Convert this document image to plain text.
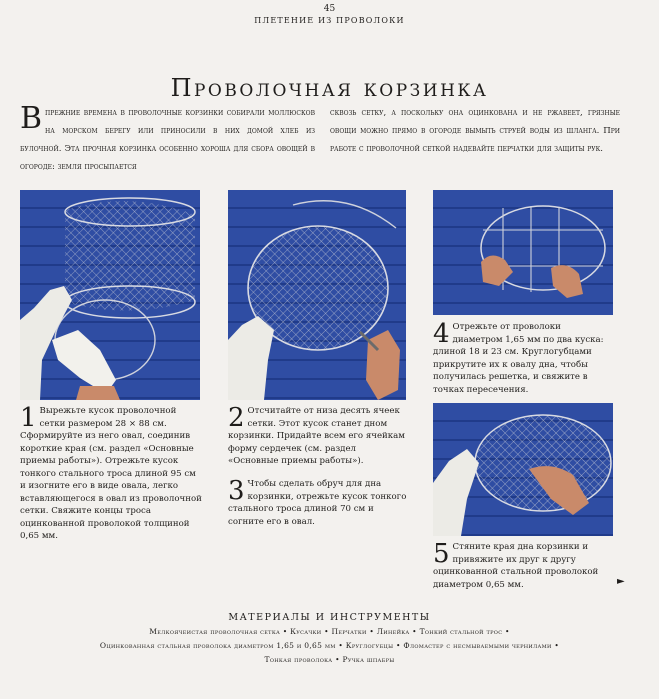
45
ПЛЕТЕНИЕ ИЗ ПРОВОЛОКИ
Проволочная корзинка

Впрежние времена в проволочные корзинки собирали моллюсков на морском берегу или приносили в них домой хлеб из булочной. Эта прочная корзинка особенно хороша для сбора овощей в огороде: земля просыпается

сквозь сетку, а поскольку она оцинкована и не ржавеет, грязные овощи можно прямо в огороде вымыть струей воды из шланга. При работе с проволочной сеткой надевайте перчатки для защиты рук.

1 Вырежьте кусок проволочной сетки размером 28 × 88 см. Сформируйте из него овал, соединив короткие края (см. раздел «Основные приемы работы»). Отрежьте кусок тонкого стального троса длиной 95 см и изогните его в виде овала, легко вставляющегося в овал из проволочной сетки. Свяжите концы троса оцинкованной проволокой толщиной 0,65 мм.
2 Отсчитайте от низа десять ячеек сетки. Этот кусок станет дном корзинки. Придайте всем его ячейкам форму сердечек (см. раздел «Основные приемы работы»).
3 Чтобы сделать обруч для дна корзинки, отрежьте кусок тонкого стального троса длиной 70 см и согните его в овал.
4 Отрежьте от проволоки диаметром 1,65 мм по два куска: длиной 18 и 23 см. Круглогубцами прикрутите их к овалу дна, чтобы получилась решетка, и свяжите в точках пересечения.
5 Стяните края дна корзинки и привяжите их друг к другу оцинкованной стальной проволокой диаметром 0,65 мм.	►
МАТЕРИАЛЫ И ИНСТРУМЕНТЫ
Мелкоячеистая проволочная сетка • Кусачки • Перчатки • Линейка • Тонкий стальной трос •
Оцинкованная стальная проволока диаметром 1,65 и 0,65 мм • Круглогубцы • Фломастер с несмываемыми чернилами •
Тонкая проволока • Ручка шпабры
